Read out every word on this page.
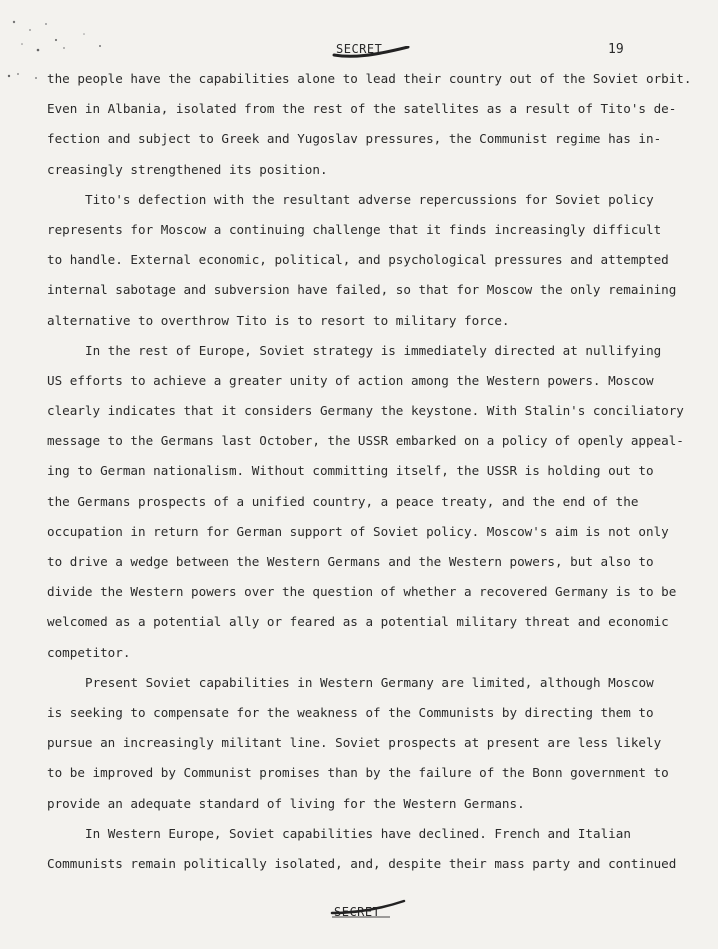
SECRET	19
the people have the capabilities alone to lead their country out of the Soviet orbit.
Even in Albania, isolated from the rest of the satellites as a result of Tito's de-
fection and subject to Greek and Yugoslav pressures, the Communist regime has in-
creasingly strengthened its position.
Tito's defection with the resultant adverse repercussions for Soviet policy
represents for Moscow a continuing challenge that it finds increasingly difficult
to handle. External economic, political, and psychological pressures and attempted
internal sabotage and subversion have failed, so that for Moscow the only remaining
alternative to overthrow Tito is to resort to military force.
In the rest of Europe, Soviet strategy is immediately directed at nullifying
US efforts to achieve a greater unity of action among the Western powers. Moscow
clearly indicates that it considers Germany the keystone. With Stalin's conciliatory
message to the Germans last October, the USSR embarked on a policy of openly appeal-
ing to German nationalism. Without committing itself, the USSR is holding out to
the Germans prospects of a unified country, a peace treaty, and the end of the
occupation in return for German support of Soviet policy. Moscow's aim is not only
to drive a wedge between the Western Germans and the Western powers, but also to
divide the Western powers over the question of whether a recovered Germany is to be
welcomed as a potential ally or feared as a potential military threat and economic
competitor.
Present Soviet capabilities in Western Germany are limited, although Moscow
is seeking to compensate for the weakness of the Communists by directing them to
pursue an increasingly militant line. Soviet prospects at present are less likely
to be improved by Communist promises than by the failure of the Bonn government to
provide an adequate standard of living for the Western Germans.
In Western Europe, Soviet capabilities have declined. French and Italian
Communists remain politically isolated, and, despite their mass party and continued
SECRET
